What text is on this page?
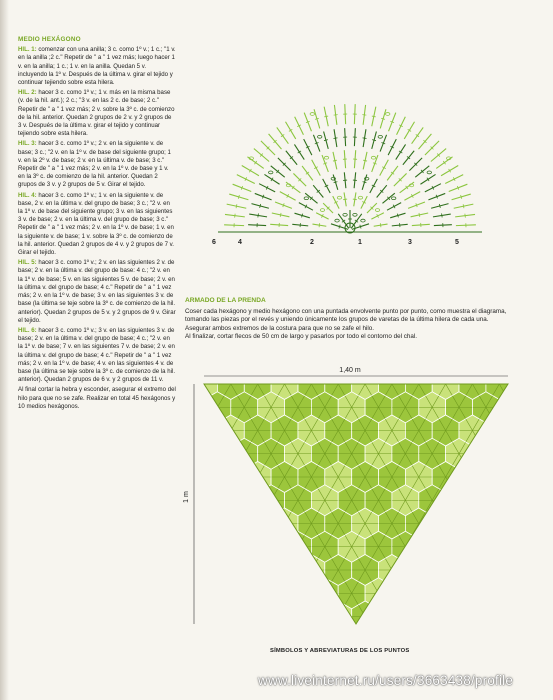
MEDIO HEXÁGONO

HIL. 1: comenzar con una anilla; 3 c. como 1º v.; 1 c.; "1 v. en la anilla ;2 c." Repetir de " a " 1 vez más; luego hacer 1 v. en la anilla; 1 c.; 1 v. en la anilla. Quedan 5 v. incluyendo la 1º v. Después de la última v. girar el tejido y continuar tejiendo sobre esta hilera.

HIL. 2: hacer 3 c. como 1º v.; 1 v. más en la misma base (v. de la hil. ant.); 2 c.; "3 v. en las 2 c. de base; 2 c." Repetir de " a " 1 vez más; 2 v. sobre la 3º c. de comienzo de la hil. anterior. Quedan 2 grupos de 2 v. y 2 grupos de 3 v. Después de la última v. girar el tejido y continuar tejiendo sobre esta hilera.

HIL. 3: hacer 3 c. como 1º v.; 2 v. en la siguiente v. de base; 3 c.; "2 v. en la 1º v. de base del siguiente grupo; 1 v. en la 2º v. de base; 2 v. en la última v. de base; 3 c." Repetir de " a " 1 vez más; 2 v. en la 1º v. de base y 1 v. en la 3º c. de comienzo de la hil. anterior. Quedan 2 grupos de 3 v. y 2 grupos de 5 v. Girar el tejido.

HIL. 4: hacer 3 c. como 1º v.; 1 v. en la siguiente v. de base, 2 v. en la última v. del grupo de base; 3 c.; "2 v. en la 1º v. de base del siguiente grupo; 3 v. en las siguientes 3 v. de base; 2 v. en la última v. del grupo de base; 3 c." Repetir de " a " 1 vez más; 2 v. en la 1º v. de base; 1 v. en la siguiente v. de base; 1 v. sobre la 3º c. de comienzo de la hil. anterior. Quedan 2 grupos de 4 v. y 2 grupos de 7 v. Girar el tejido.

HIL. 5: hacer 3 c. como 1º v.; 2 v. en las siguientes 2 v. de base; 2 v. en la última v. del grupo de base: 4 c.; "2 v. en la 1º v. de base; 5 v. en las siguientes 5 v. de base; 2 v. en la última v. del grupo de base; 4 c." Repetir de " a " 1 vez más; 2 v. en la 1º v. de base; 3 v. en las siguientes 3 v. de base (la última se teje sobre la 3º c. de comienzo de la hil. anterior). Quedan 2 grupos de 5 v. y 2 grupos de 9 v. Girar el tejido.

HIL. 6: hacer 3 c. como 1º v.; 3 v. en las siguientes 3 v. de base; 2 v. en la última v. del grupo de base; 4 c.; "2 v. en la 1º v. de base; 7 v. en las siguientes 7 v. de base; 2 v. en la última v. del grupo de base; 4 c." Repetir de " a " 1 vez más; 2 v. en la 1º v. de base; 4 v. en las siguientes 4 v. de base (la última se teje sobre la 3º c. de comienzo de la hil. anterior). Quedan 2 grupos de 6 v. y 2 grupos de 11 v.

Al final cortar la hebra y esconder, asegurar el extremo del hilo para que no se zafe. Realizar en total 45 hexágonos y 10 medios hexágonos.

6	4	2	1	3	5
ARMADO DE LA PRENDA

Coser cada hexágono y medio hexágono con una puntada envolvente punto por punto, como muestra el diagrama, tomando las piezas por el revés y uniendo únicamente los grupos de varetas de la última hilera de cada una. Asegurar ambos extremos de la costura para que no se zafe el hilo.

Al finalizar, cortar flecos de 50 cm de largo y pasarlos por todo el contorno del chal.

1,40 m
1 m
SÍMBOLOS Y ABREVIATURAS DE LOS PUNTOS
www.liveinternet.ru/users/3663438/profile
